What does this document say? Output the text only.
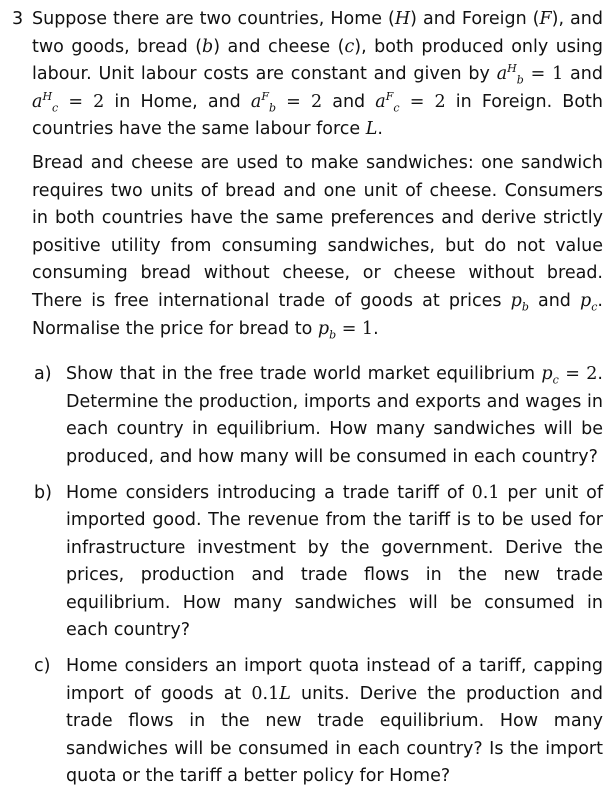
3 Suppose there are two countries, Home (H) and Foreign (F), and two goods, bread (b) and cheese (c), both produced only using labour. Unit labour costs are constant and given by $a^H_b = 1$ and $a^H_c = 2$ in Home, and $a^F_b = 2$ and $a^F_c = 2$ in Foreign. Both countries have the same labour force L.

Bread and cheese are used to make sandwiches: one sandwich requires two units of bread and one unit of cheese. Consumers in both countries have the same preferences and derive strictly positive utility from consuming sandwiches, but do not value consuming bread without cheese, or cheese without bread. There is free international trade of goods at prices $p_b$ and $p_c$. Normalise the price for bread to $p_b = 1$.

a) Show that in the free trade world market equilibrium $p_c = 2$. Determine the production, imports and exports and wages in each country in equilibrium. How many sandwiches will be produced, and how many will be consumed in each country?
b) Home considers introducing a trade tariff of 0.1 per unit of imported good. The revenue from the tariff is to be used for infrastructure investment by the government. Derive the prices, production and trade flows in the new trade equilibrium. How many sandwiches will be consumed in each country?
c) Home considers an import quota instead of a tariff, capping import of goods at 0.1L units. Derive the production and trade flows in the new trade equilibrium. How many sandwiches will be consumed in each country? Is the import quota or the tariff a better policy for Home?
